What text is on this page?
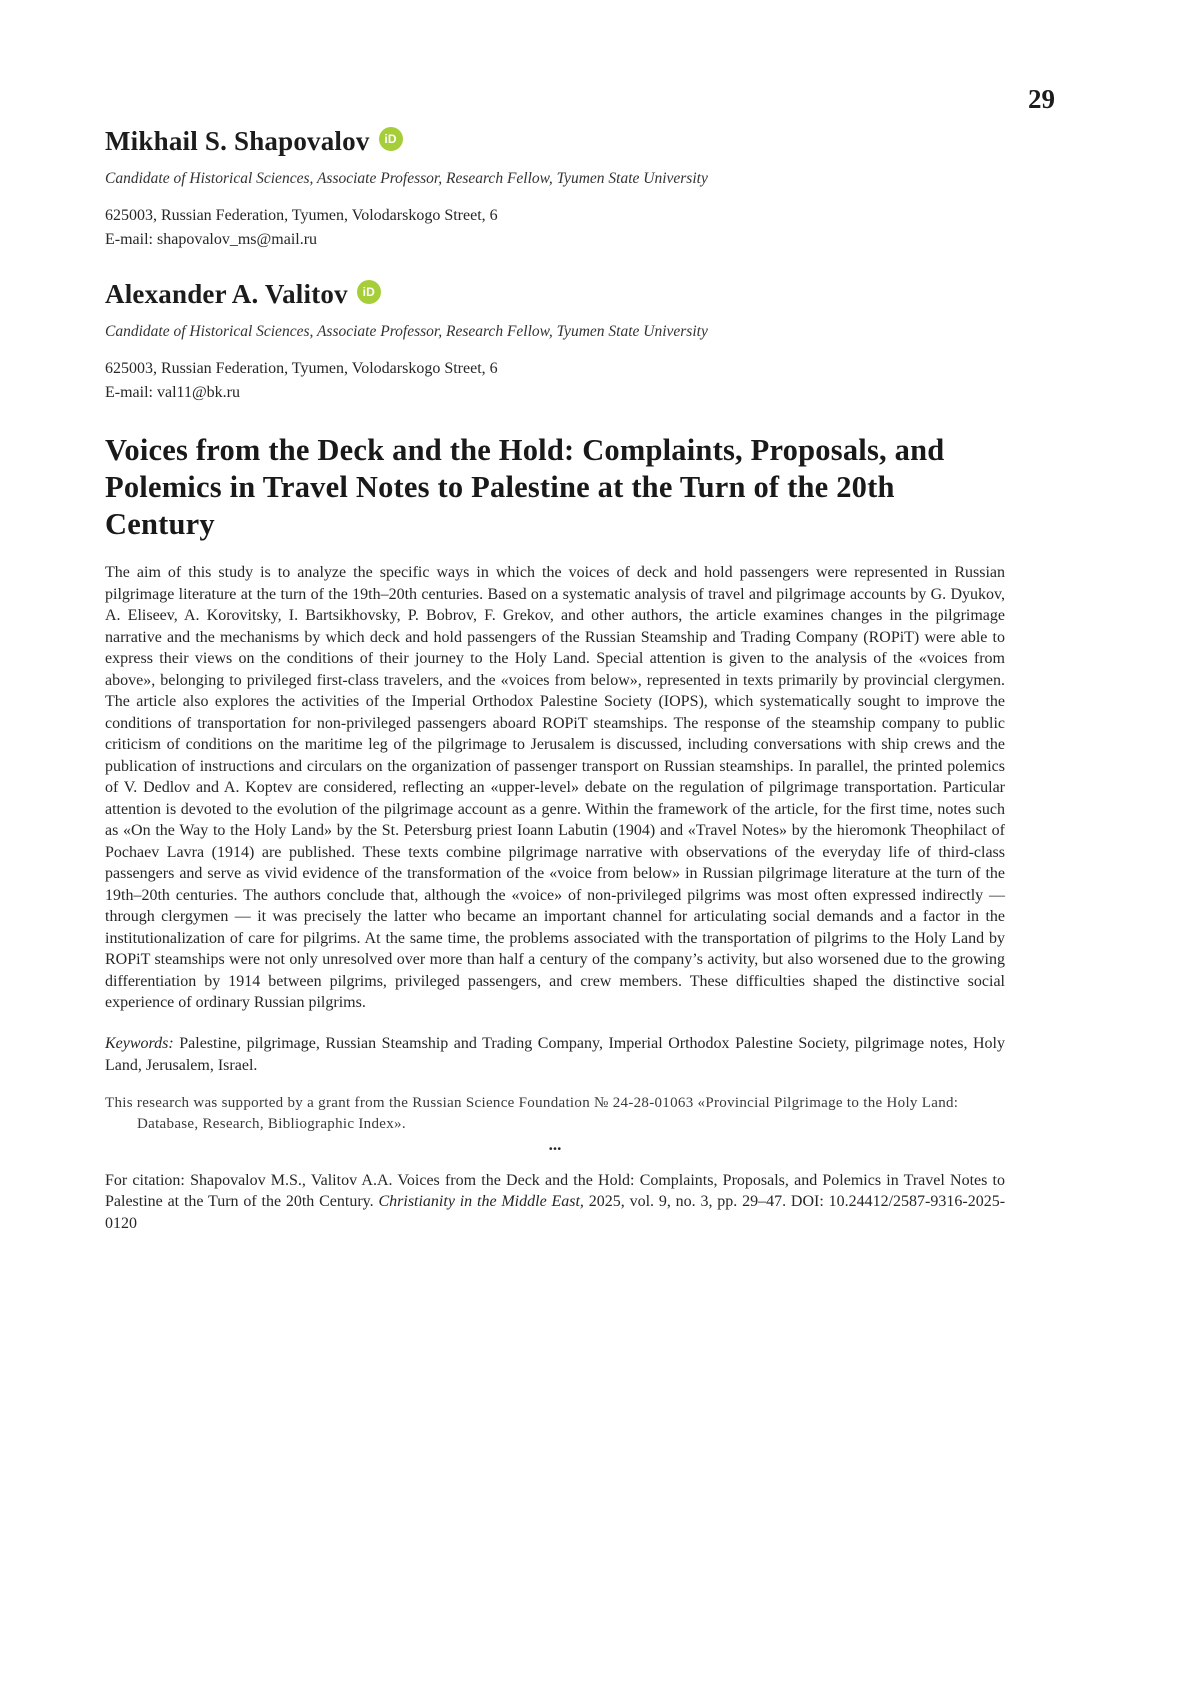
29
Mikhail S. Shapovalov iD

Candidate of Historical Sciences, Associate Professor, Research Fellow, Tyumen State University

625003, Russian Federation, Tyumen, Volodarskogo Street, 6

E-mail: shapovalov_ms@mail.ru

Alexander A. Valitov iD

Candidate of Historical Sciences, Associate Professor, Research Fellow, Tyumen State University

625003, Russian Federation, Tyumen, Volodarskogo Street, 6

E-mail: val11@bk.ru

Voices from the Deck and the Hold: Complaints, Proposals, and Polemics in Travel Notes to Palestine at the Turn of the 20th Century

The aim of this study is to analyze the specific ways in which the voices of deck and hold passengers were represented in Russian pilgrimage literature at the turn of the 19th–20th centuries. Based on a systematic analysis of travel and pilgrimage accounts by G. Dyukov, A. Eliseev, A. Korovitsky, I. Bartsikhovsky, P. Bobrov, F. Grekov, and other authors, the article examines changes in the pilgrimage narrative and the mechanisms by which deck and hold passengers of the Russian Steamship and Trading Company (ROPiT) were able to express their views on the conditions of their journey to the Holy Land. Special attention is given to the analysis of the «voices from above», belonging to privileged first-class travelers, and the «voices from below», represented in texts primarily by provincial clergymen. The article also explores the activities of the Imperial Orthodox Palestine Society (IOPS), which systematically sought to improve the conditions of transportation for non-privileged passengers aboard ROPiT steamships. The response of the steamship company to public criticism of conditions on the maritime leg of the pilgrimage to Jerusalem is discussed, including conversations with ship crews and the publication of instructions and circulars on the organization of passenger transport on Russian steamships. In parallel, the printed polemics of V. Dedlov and A. Koptev are considered, reflecting an «upper-level» debate on the regulation of pilgrimage transportation. Particular attention is devoted to the evolution of the pilgrimage account as a genre. Within the framework of the article, for the first time, notes such as «On the Way to the Holy Land» by the St. Petersburg priest Ioann Labutin (1904) and «Travel Notes» by the hieromonk Theophilact of Pochaev Lavra (1914) are published. These texts combine pilgrimage narrative with observations of the everyday life of third-class passengers and serve as vivid evidence of the transformation of the «voice from below» in Russian pilgrimage literature at the turn of the 19th–20th centuries. The authors conclude that, although the «voice» of non-privileged pilgrims was most often expressed indirectly — through clergymen — it was precisely the latter who became an important channel for articulating social demands and a factor in the institutionalization of care for pilgrims. At the same time, the problems associated with the transportation of pilgrims to the Holy Land by ROPiT steamships were not only unresolved over more than half a century of the company’s activity, but also worsened due to the growing differentiation by 1914 between pilgrims, privileged passengers, and crew members. These difficulties shaped the distinctive social experience of ordinary Russian pilgrims.

Keywords: Palestine, pilgrimage, Russian Steamship and Trading Company, Imperial Orthodox Palestine Society, pilgrimage notes, Holy Land, Jerusalem, Israel.

This research was supported by a grant from the Russian Science Foundation № 24-28-01063 «Provincial Pilgrimage to the Holy Land: Database, Research, Bibliographic Index».

...

For citation: Shapovalov M.S., Valitov A.A. Voices from the Deck and the Hold: Complaints, Proposals, and Polemics in Travel Notes to Palestine at the Turn of the 20th Century. Christianity in the Middle East, 2025, vol. 9, no. 3, pp. 29–47. DOI: 10.24412/2587-9316-2025-0120
